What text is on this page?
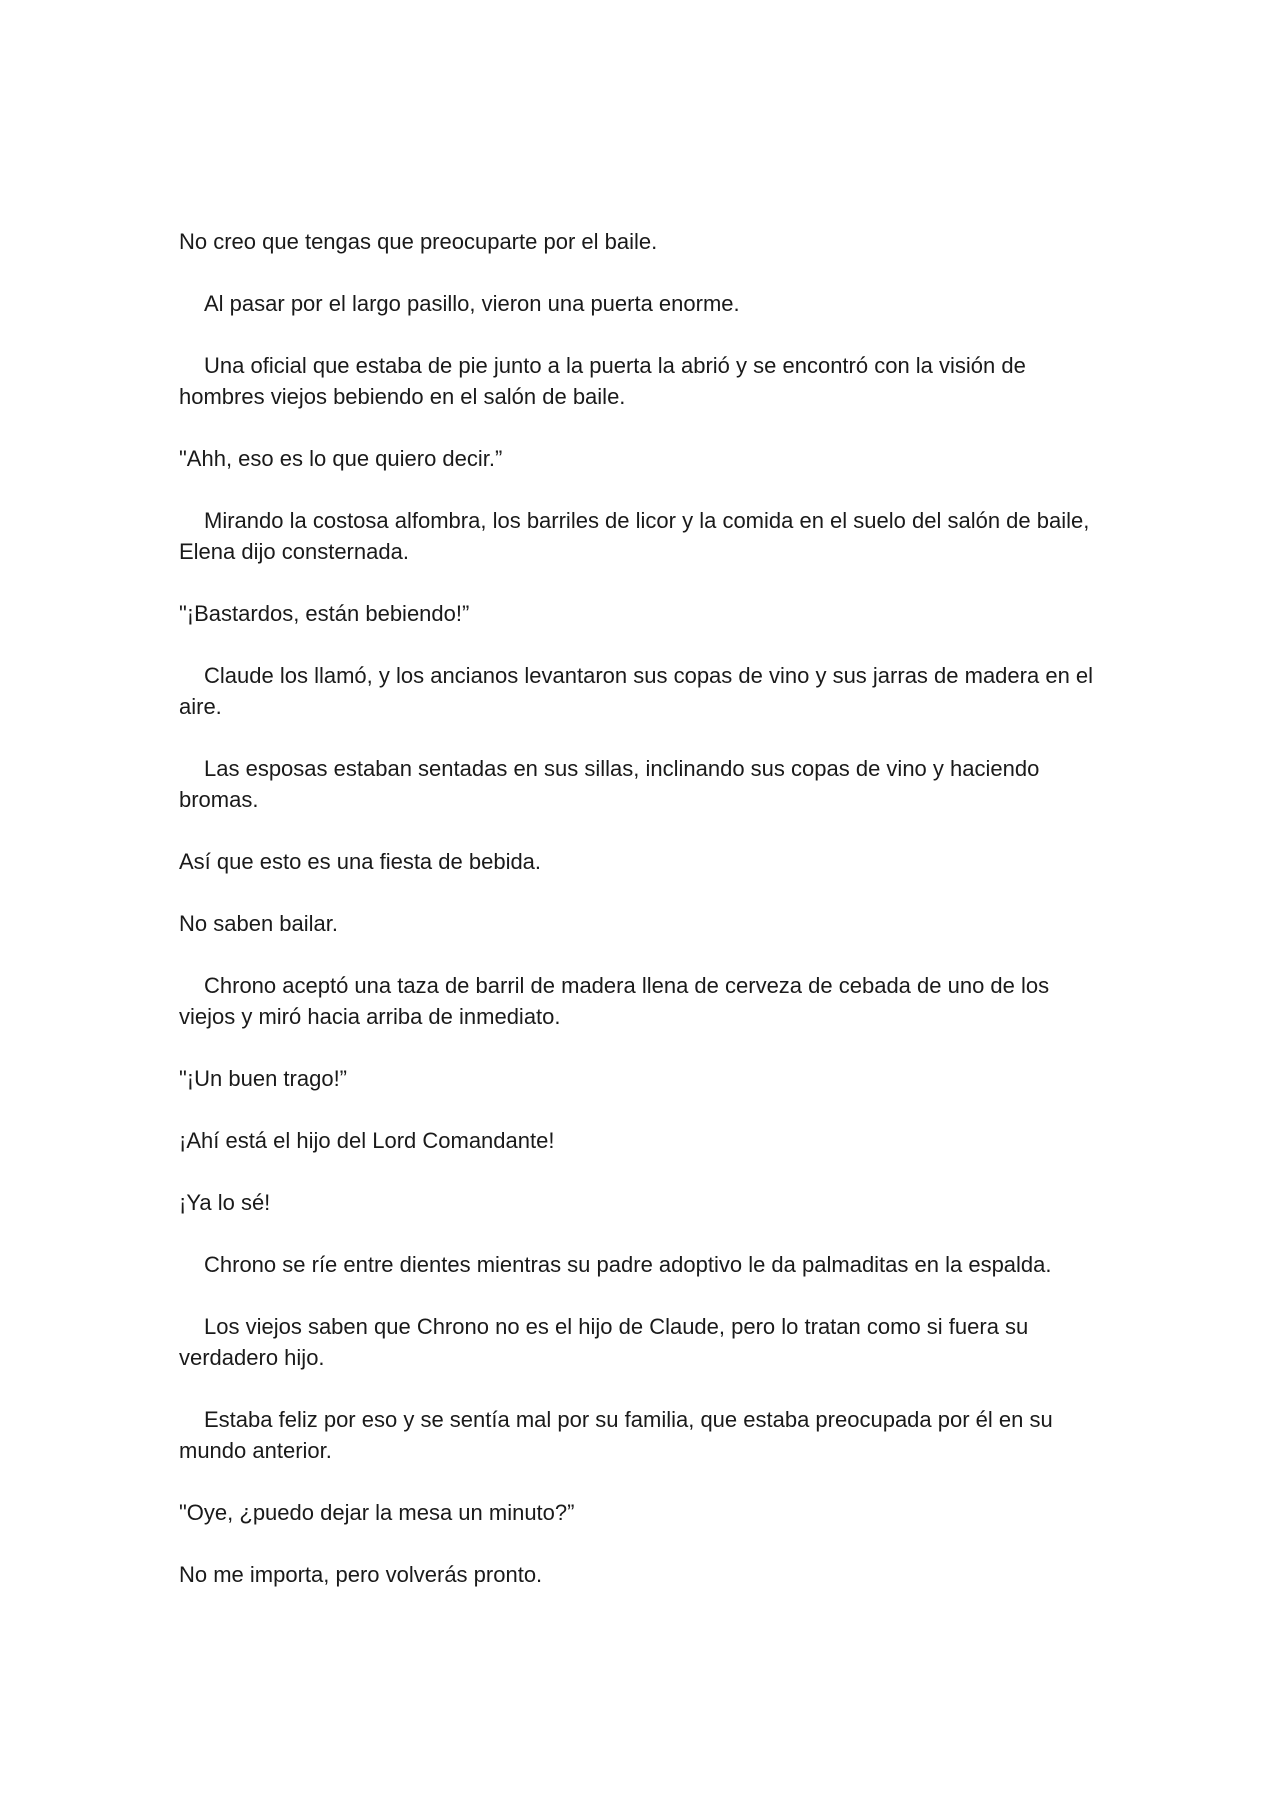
No creo que tengas que preocuparte por el baile.

Al pasar por el largo pasillo, vieron una puerta enorme.

Una oficial que estaba de pie junto a la puerta la abrió y se encontró con la visión de hombres viejos bebiendo en el salón de baile.

"Ahh, eso es lo que quiero decir.”

Mirando la costosa alfombra, los barriles de licor y la comida en el suelo del salón de baile, Elena dijo consternada.

"¡Bastardos, están bebiendo!”

Claude los llamó, y los ancianos levantaron sus copas de vino y sus jarras de madera en el aire.

Las esposas estaban sentadas en sus sillas, inclinando sus copas de vino y haciendo bromas.

Así que esto es una fiesta de bebida.

No saben bailar.

Chrono aceptó una taza de barril de madera llena de cerveza de cebada de uno de los viejos y miró hacia arriba de inmediato.

"¡Un buen trago!”

¡Ahí está el hijo del Lord Comandante!

¡Ya lo sé!

Chrono se ríe entre dientes mientras su padre adoptivo le da palmaditas en la espalda.

Los viejos saben que Chrono no es el hijo de Claude, pero lo tratan como si fuera su verdadero hijo.

Estaba feliz por eso y se sentía mal por su familia, que estaba preocupada por él en su mundo anterior.

"Oye, ¿puedo dejar la mesa un minuto?”

No me importa, pero volverás pronto.
